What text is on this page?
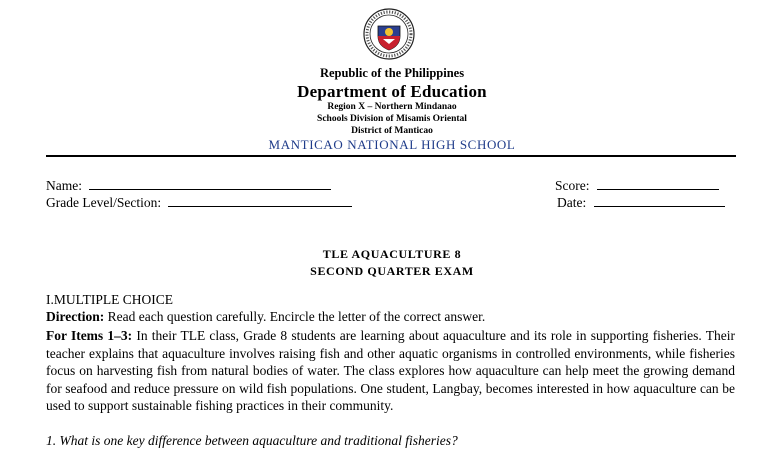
Republic of the Philippines
Department of Education
Region X – Northern Mindanao
Schools Division of Misamis Oriental
District of Manticao
MANTICAO NATIONAL HIGH SCHOOL
Name:
Grade Level/Section:
Score:
Date:
TLE AQUACULTURE 8
SECOND QUARTER EXAM
I.MULTIPLE CHOICE
Direction: Read each question carefully. Encircle the letter of the correct answer.
For Items 1–3: In their TLE class, Grade 8 students are learning about aquaculture and its role in supporting fisheries. Their teacher explains that aquaculture involves raising fish and other aquatic organisms in controlled environments, while fisheries focus on harvesting fish from natural bodies of water. The class explores how aquaculture can help meet the growing demand for seafood and reduce pressure on wild fish populations. One student, Langbay, becomes interested in how aquaculture can be used to support sustainable fishing practices in their community.
1. What is one key difference between aquaculture and traditional fisheries?
